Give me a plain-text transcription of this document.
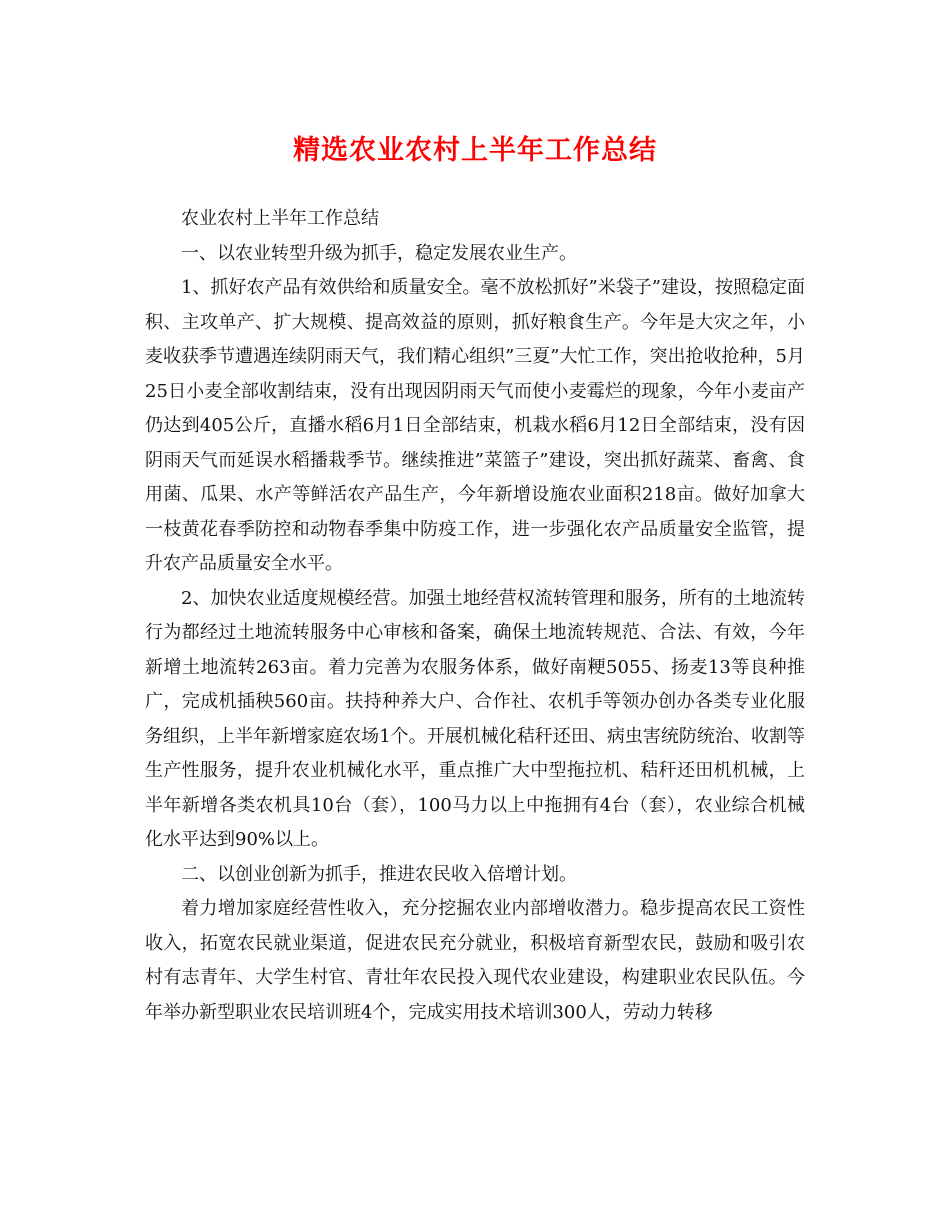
精选农业农村上半年工作总结

农业农村上半年工作总结

一、以农业转型升级为抓手，稳定发展农业生产。

1、抓好农产品有效供给和质量安全。毫不放松抓好”米袋子”建设，按照稳定面积、主攻单产、扩大规模、提高效益的原则，抓好粮食生产。今年是大灾之年，小麦收获季节遭遇连续阴雨天气，我们精心组织”三夏”大忙工作，突出抢收抢种，5月25日小麦全部收割结束，没有出现因阴雨天气而使小麦霉烂的现象，今年小麦亩产仍达到405公斤，直播水稻6月1日全部结束，机栽水稻6月12日全部结束，没有因阴雨天气而延误水稻播栽季节。继续推进”菜篮子”建设，突出抓好蔬菜、畜禽、食用菌、瓜果、水产等鲜活农产品生产，今年新增设施农业面积218亩。做好加拿大一枝黄花春季防控和动物春季集中防疫工作，进一步强化农产品质量安全监管，提升农产品质量安全水平。

2、加快农业适度规模经营。加强土地经营权流转管理和服务，所有的土地流转行为都经过土地流转服务中心审核和备案，确保土地流转规范、合法、有效，今年新增土地流转263亩。着力完善为农服务体系，做好南粳5055、扬麦13等良种推广，完成机插秧560亩。扶持种养大户、合作社、农机手等领办创办各类专业化服务组织，上半年新增家庭农场1个。开展机械化秸秆还田、病虫害统防统治、收割等生产性服务，提升农业机械化水平，重点推广大中型拖拉机、秸秆还田机机械，上半年新增各类农机具10台（套），100马力以上中拖拥有4台（套），农业综合机械化水平达到90%以上。

二、以创业创新为抓手，推进农民收入倍增计划。

着力增加家庭经营性收入，充分挖掘农业内部增收潜力。稳步提高农民工资性收入，拓宽农民就业渠道，促进农民充分就业，积极培育新型农民，鼓励和吸引农村有志青年、大学生村官、青壮年农民投入现代农业建设，构建职业农民队伍。今年举办新型职业农民培训班4个，完成实用技术培训300人，劳动力转移
